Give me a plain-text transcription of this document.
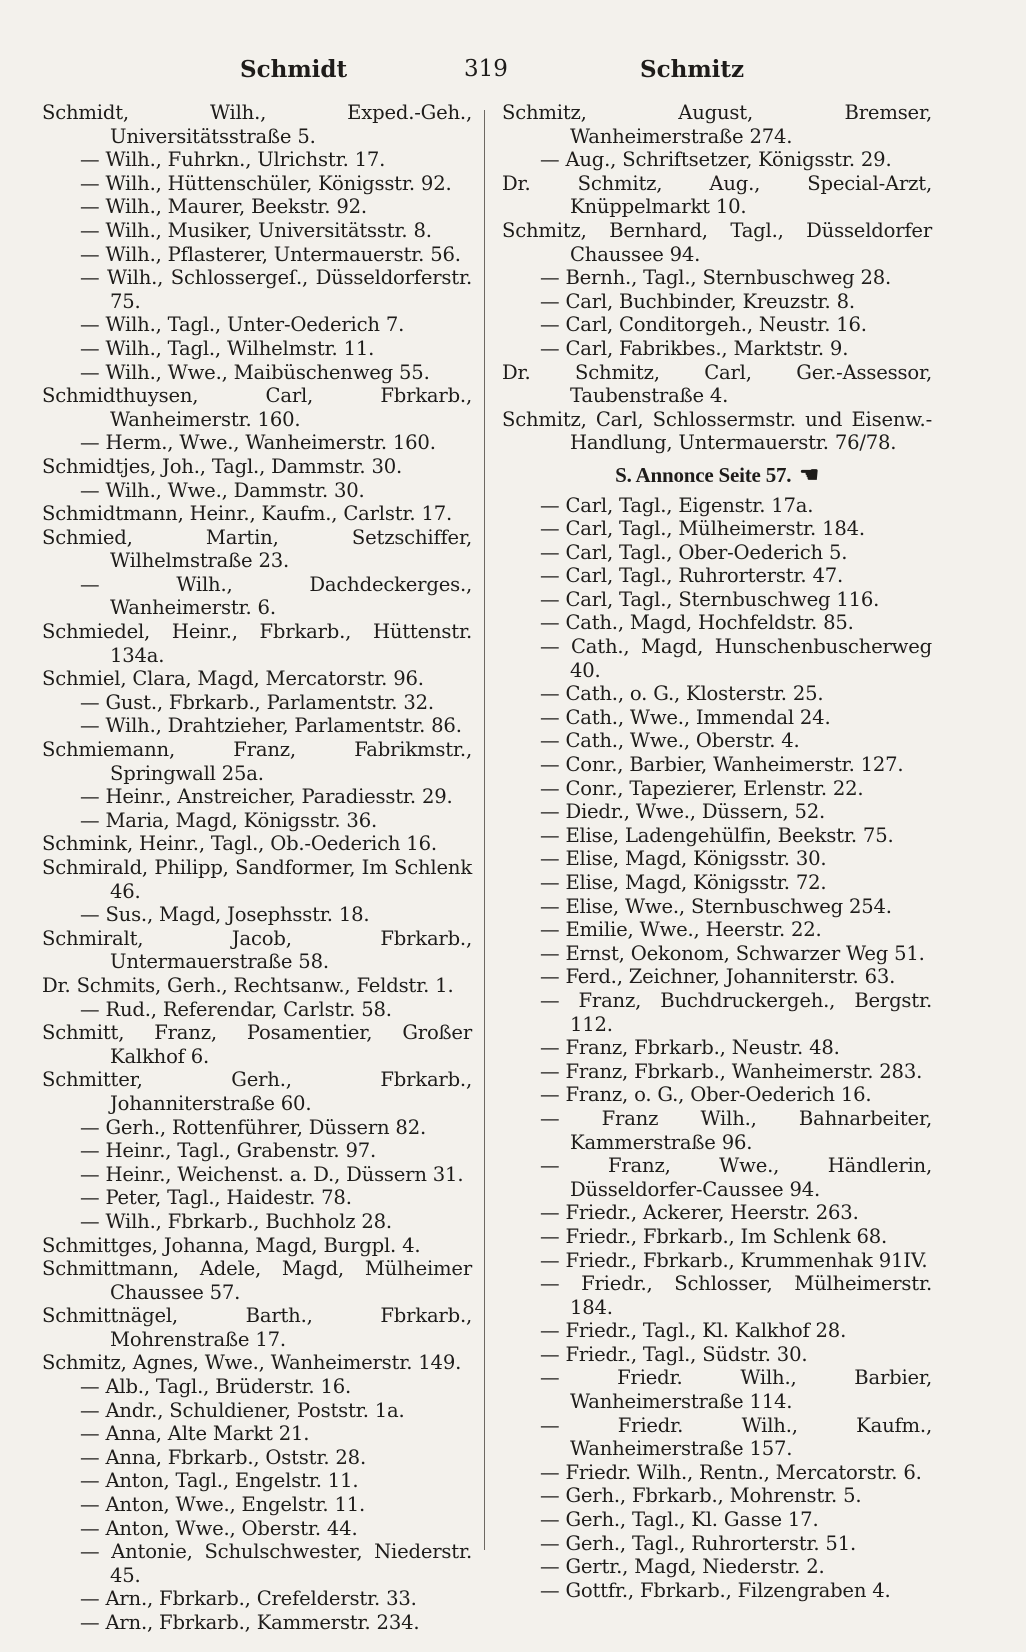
Schmidt	319	Schmitz
Schmidt, Wilh., Exped.-Geh., Universitätsstraße 5.
— Wilh., Fuhrkn., Ulrichstr. 17.
— Wilh., Hüttenschüler, Königsstr. 92.
— Wilh., Maurer, Beekstr. 92.
— Wilh., Musiker, Universitätsstr. 8.
— Wilh., Pflasterer, Untermauerstr. 56.
— Wilh., Schlossergeſ., Düsseldorferstr. 75.
— Wilh., Tagl., Unter-Oederich 7.
— Wilh., Tagl., Wilhelmstr. 11.
— Wilh., Wwe., Maibüschenweg 55.
Schmidthuysen, Carl, Fbrkarb., Wanheimerstr. 160.
— Herm., Wwe., Wanheimerstr. 160.
Schmidtjes, Joh., Tagl., Dammstr. 30.
— Wilh., Wwe., Dammstr. 30.
Schmidtmann, Heinr., Kaufm., Carlstr. 17.
Schmied, Martin, Setzschiffer, Wilhelmstraße 23.
— Wilh., Dachdeckerges., Wanheimerstr. 6.
Schmiedel, Heinr., Fbrkarb., Hüttenstr. 134a.
Schmiel, Clara, Magd, Mercatorstr. 96.
— Gust., Fbrkarb., Parlamentstr. 32.
— Wilh., Drahtzieher, Parlamentstr. 86.
Schmiemann, Franz, Fabrikmstr., Springwall 25a.
— Heinr., Anstreicher, Paradiesstr. 29.
— Maria, Magd, Königsstr. 36.
Schmink, Heinr., Tagl., Ob.-Oederich 16.
Schmirald, Philipp, Sandformer, Im Schlenk 46.
— Sus., Magd, Josephsstr. 18.
Schmiralt, Jacob, Fbrkarb., Untermauerstraße 58.
Dr. Schmits, Gerh., Rechtsanw., Feldstr. 1.
— Rud., Referendar, Carlstr. 58.
Schmitt, Franz, Posamentier, Großer Kalkhof 6.
Schmitter, Gerh., Fbrkarb., Johanniterstraße 60.
— Gerh., Rottenführer, Düssern 82.
— Heinr., Tagl., Grabenstr. 97.
— Heinr., Weichenst. a. D., Düssern 31.
— Peter, Tagl., Haidestr. 78.
— Wilh., Fbrkarb., Buchholz 28.
Schmittges, Johanna, Magd, Burgpl. 4.
Schmittmann, Adele, Magd, Mülheimer Chaussee 57.
Schmittnägel, Barth., Fbrkarb., Mohrenstraße 17.
Schmitz, Agnes, Wwe., Wanheimerstr. 149.
— Alb., Tagl., Brüderstr. 16.
— Andr., Schuldiener, Poststr. 1a.
— Anna, Alte Markt 21.
— Anna, Fbrkarb., Oststr. 28.
— Anton, Tagl., Engelstr. 11.
— Anton, Wwe., Engelstr. 11.
— Anton, Wwe., Oberstr. 44.
— Antonie, Schulschwester, Niederstr. 45.
— Arn., Fbrkarb., Crefelderstr. 33.
— Arn., Fbrkarb., Kammerstr. 234.
Schmitz, August, Bremser, Wanheimerstraße 274.
— Aug., Schriftsetzer, Königsstr. 29.
Dr. Schmitz, Aug., Special-Arzt, Knüppelmarkt 10.
Schmitz, Bernhard, Tagl., Düsseldorfer Chaussee 94.
— Bernh., Tagl., Sternbuschweg 28.
— Carl, Buchbinder, Kreuzstr. 8.
— Carl, Conditorgeh., Neustr. 16.
— Carl, Fabrikbes., Marktstr. 9.
Dr. Schmitz, Carl, Ger.-Assessor, Taubenstraße 4.
Schmitz, Carl, Schlossermstr. und Eisenw.-Handlung, Untermauerstr. 76/78.
S. Annonce Seite 57. ☚
— Carl, Tagl., Eigenstr. 17a.
— Carl, Tagl., Mülheimerstr. 184.
— Carl, Tagl., Ober-Oederich 5.
— Carl, Tagl., Ruhrorterstr. 47.
— Carl, Tagl., Sternbuschweg 116.
— Cath., Magd, Hochfeldstr. 85.
— Cath., Magd, Hunschenbuscherweg 40.
— Cath., o. G., Klosterstr. 25.
— Cath., Wwe., Immendal 24.
— Cath., Wwe., Oberstr. 4.
— Conr., Barbier, Wanheimerstr. 127.
— Conr., Tapezierer, Erlenstr. 22.
— Diedr., Wwe., Düssern, 52.
— Elise, Ladengehülfin, Beekstr. 75.
— Elise, Magd, Königsstr. 30.
— Elise, Magd, Königsstr. 72.
— Elise, Wwe., Sternbuschweg 254.
— Emilie, Wwe., Heerstr. 22.
— Ernst, Oekonom, Schwarzer Weg 51.
— Ferd., Zeichner, Johanniterstr. 63.
— Franz, Buchdruckergeh., Bergstr. 112.
— Franz, Fbrkarb., Neustr. 48.
— Franz, Fbrkarb., Wanheimerstr. 283.
— Franz, o. G., Ober-Oederich 16.
— Franz Wilh., Bahnarbeiter, Kammerstraße 96.
— Franz, Wwe., Händlerin, Düsseldorfer-Caussee 94.
— Friedr., Ackerer, Heerstr. 263.
— Friedr., Fbrkarb., Im Schlenk 68.
— Friedr., Fbrkarb., Krummenhak 91IV.
— Friedr., Schlosser, Mülheimerstr. 184.
— Friedr., Tagl., Kl. Kalkhof 28.
— Friedr., Tagl., Südstr. 30.
— Friedr. Wilh., Barbier, Wanheimerstraße 114.
— Friedr. Wilh., Kaufm., Wanheimerstraße 157.
— Friedr. Wilh., Rentn., Mercatorstr. 6.
— Gerh., Fbrkarb., Mohrenstr. 5.
— Gerh., Tagl., Kl. Gasse 17.
— Gerh., Tagl., Ruhrorterstr. 51.
— Gertr., Magd, Niederstr. 2.
— Gottfr., Fbrkarb., Filzengraben 4.
